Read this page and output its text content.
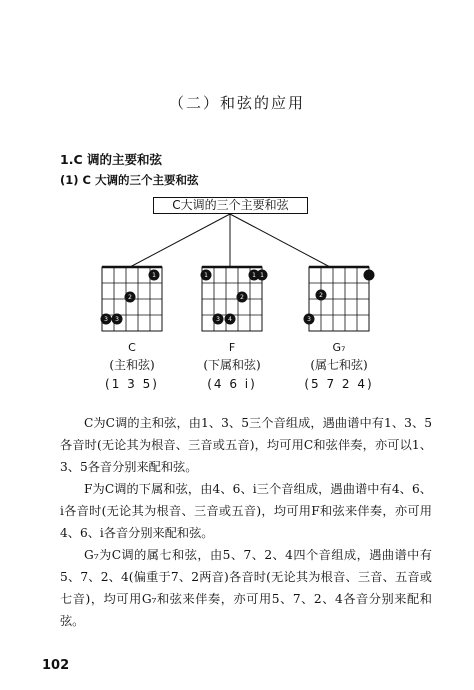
（二）和弦的应用
1.C 调的主要和弦
(1) C 大调的三个主要和弦
C大调的三个主要和弦
1
2
3 3
1	1 1
2
3 4
2
3
C	F	G₇
(主和弦)	(下属和弦)	(属七和弦)
(1 3 5)	(4 6 i)	(5 7 2 4)

C为C调的主和弦，由1、3、5三个音组成，遇曲谱中有1、3、5各音时(无论其为根音、三音或五音)，均可用C和弦伴奏，亦可以1、3、5各音分别来配和弦。

F为C调的下属和弦，由4、6、i三个音组成，遇曲谱中有4、6、i各音时(无论其为根音、三音或五音)，均可用F和弦来伴奏，亦可用4、6、i各音分别来配和弦。

G₇为C调的属七和弦，由5、7、2、4四个音组成，遇曲谱中有5、7、2、4(偏重于7、2两音)各音时(无论其为根音、三音、五音或七音)，均可用G₇和弦来伴奏，亦可用5、7、2、4各音分别来配和弦。

102
